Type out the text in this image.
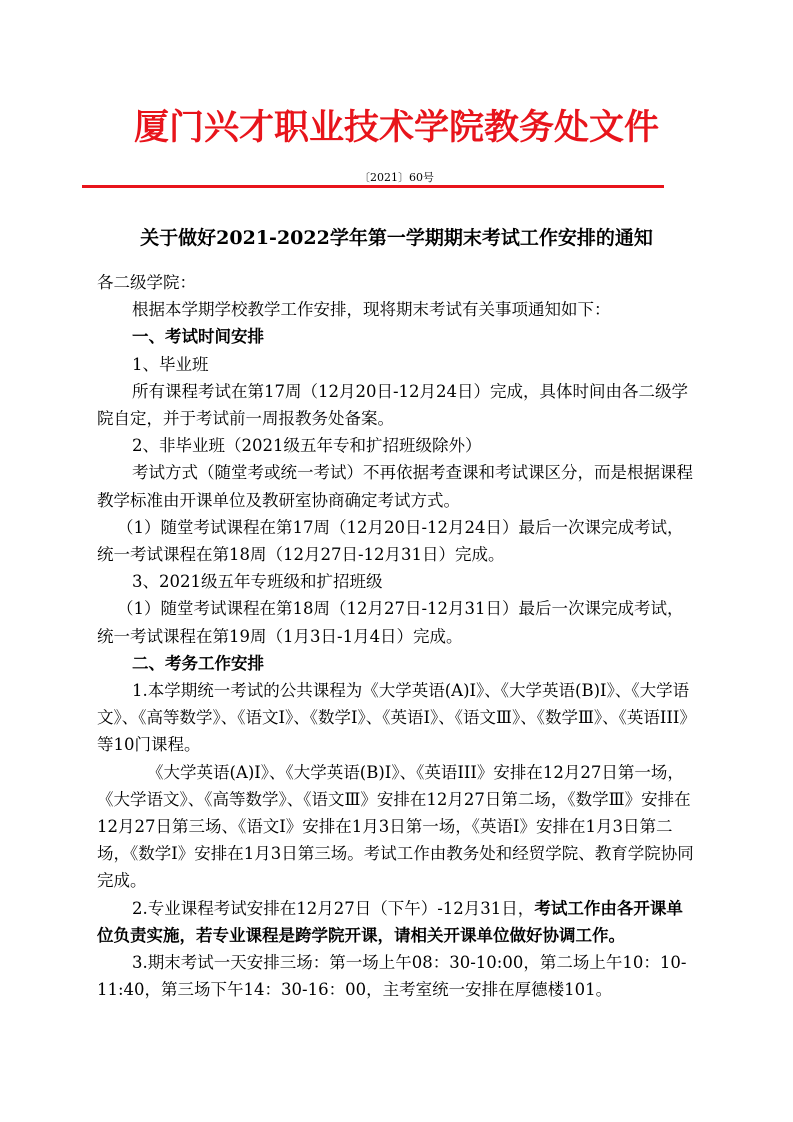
厦门兴才职业技术学院教务处文件
〔2021〕60号
关于做好2021-2022学年第一学期期末考试工作安排的通知

各二级学院：

根据本学期学校教学工作安排，现将期末考试有关事项通知如下：

一、考试时间安排

1、毕业班

所有课程考试在第17周（12月20日-12月24日）完成，具体时间由各二级学院自定，并于考试前一周报教务处备案。

2、非毕业班（2021级五年专和扩招班级除外）

考试方式（随堂考或统一考试）不再依据考查课和考试课区分，而是根据课程教学标准由开课单位及教研室协商确定考试方式。

（1）随堂考试课程在第17周（12月20日-12月24日）最后一次课完成考试，统一考试课程在第18周（12月27日-12月31日）完成。

3、2021级五年专班级和扩招班级

（1）随堂考试课程在第18周（12月27日-12月31日）最后一次课完成考试，统一考试课程在第19周（1月3日-1月4日）完成。

二、考务工作安排

1.本学期统一考试的公共课程为《大学英语(A)Ⅰ》、《大学英语(B)Ⅰ》、《大学语文》、《高等数学》、《语文Ⅰ》、《数学Ⅰ》、《英语I》、《语文Ⅲ》、《数学Ⅲ》、《英语III》等10门课程。

《大学英语(A)Ⅰ》、《大学英语(B)Ⅰ》、《英语III》安排在12月27日第一场，《大学语文》、《高等数学》、《语文Ⅲ》安排在12月27日第二场，《数学Ⅲ》安排在12月27日第三场、《语文Ⅰ》安排在1月3日第一场，《英语I》安排在1月3日第二场，《数学Ⅰ》安排在1月3日第三场。考试工作由教务处和经贸学院、教育学院协同完成。

2.专业课程考试安排在12月27日（下午）-12月31日，考试工作由各开课单位负责实施，若专业课程是跨学院开课，请相关开课单位做好协调工作。

3.期末考试一天安排三场：第一场上午08：30-10:00，第二场上午10：10-11:40，第三场下午14：30-16：00，主考室统一安排在厚德楼101。
